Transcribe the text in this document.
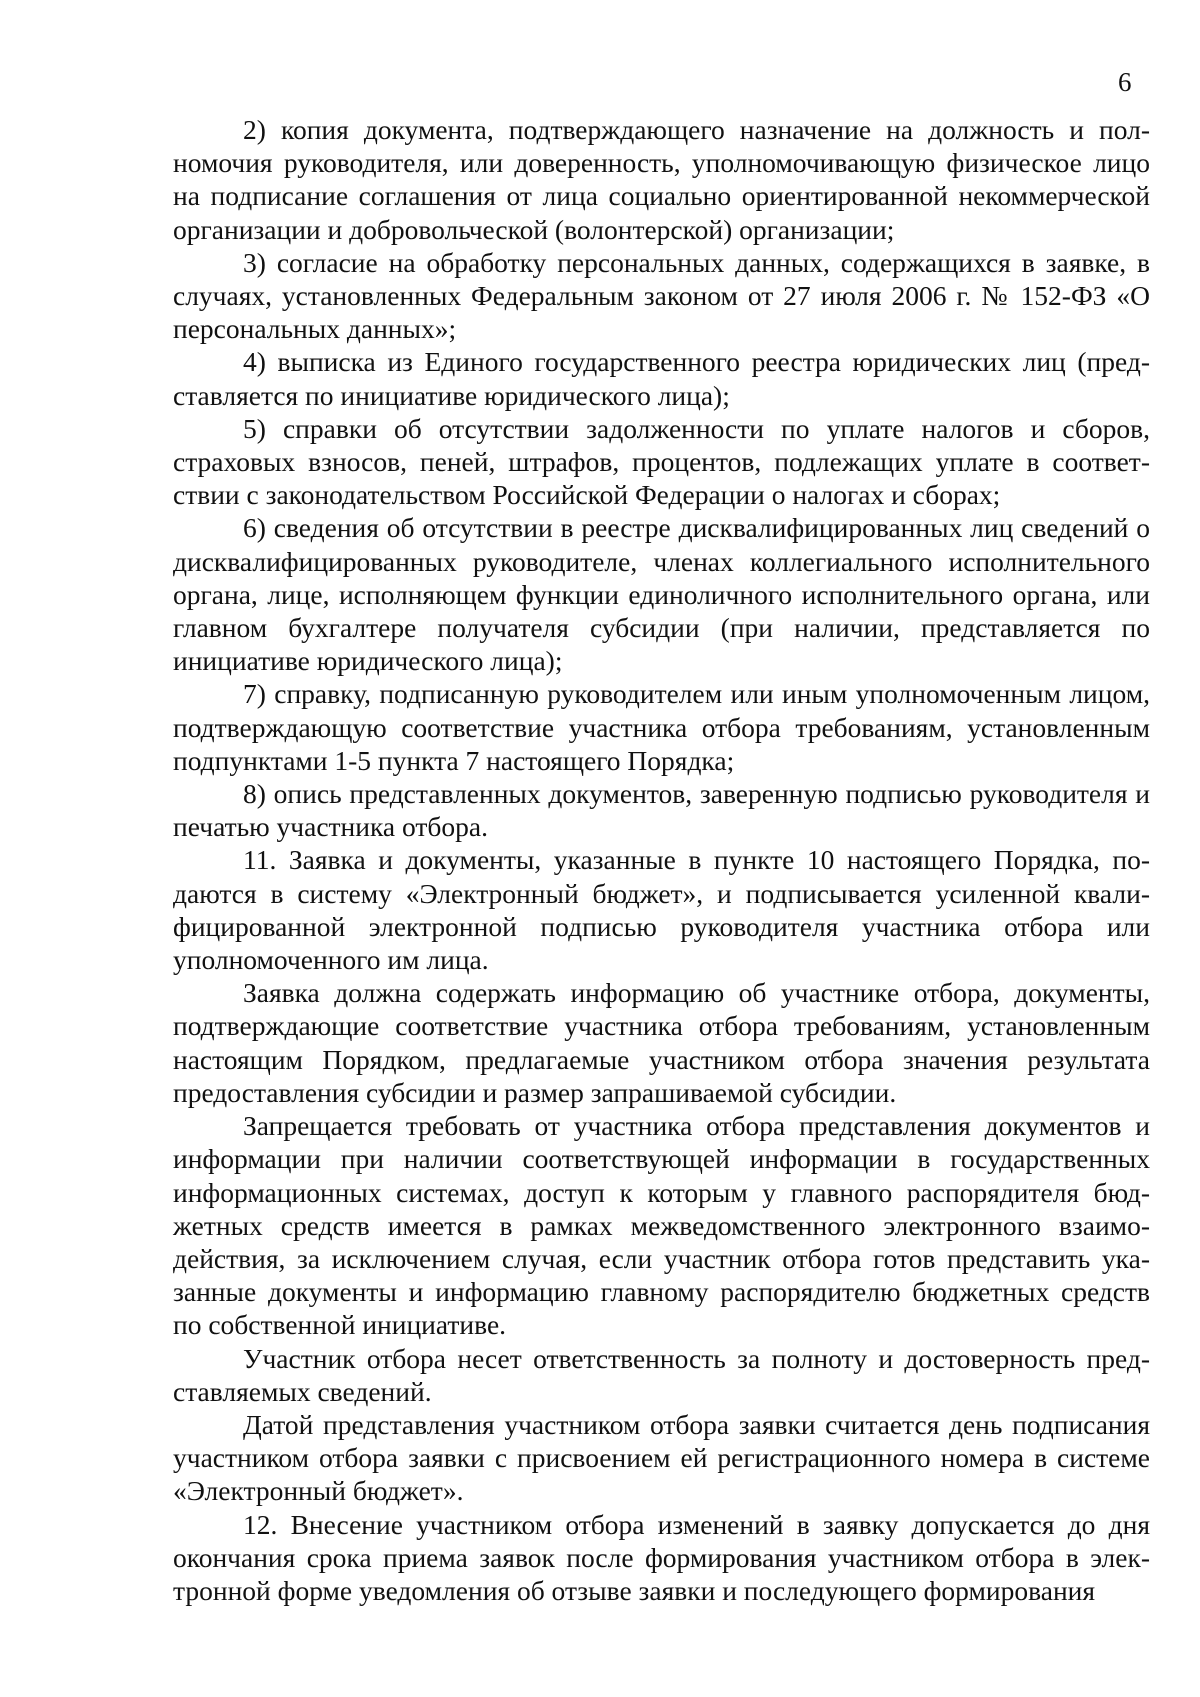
6

2) копия документа, подтверждающего назначение на должность и полномочия руководителя, или доверенность, уполномочивающую физическое лицо на подписание соглашения от лица социально ориентированной некоммерческой организации и добровольческой (волонтерской) организации;

3) согласие на обработку персональных данных, содержащихся в заявке, в случаях, установленных Федеральным законом от 27 июля 2006 г. № 152-ФЗ «О персональных данных»;

4) выписка из Единого государственного реестра юридических лиц (представляется по инициативе юридического лица);

5) справки об отсутствии задолженности по уплате налогов и сборов, страховых взносов, пеней, штрафов, процентов, подлежащих уплате в соответствии с законодательством Российской Федерации о налогах и сборах;

6) сведения об отсутствии в реестре дисквалифицированных лиц сведений о дисквалифицированных руководителе, членах коллегиального исполнительного органа, лице, исполняющем функции единоличного исполнительного органа, или главном бухгалтере получателя субсидии (при наличии, представляется по инициативе юридического лица);

7) справку, подписанную руководителем или иным уполномоченным лицом, подтверждающую соответствие участника отбора требованиям, установленным подпунктами 1-5 пункта 7 настоящего Порядка;

8) опись представленных документов, заверенную подписью руководителя и печатью участника отбора.

11. Заявка и документы, указанные в пункте 10 настоящего Порядка, подаются в систему «Электронный бюджет», и подписывается усиленной квалифицированной электронной подписью руководителя участника отбора или уполномоченного им лица.

Заявка должна содержать информацию об участнике отбора, документы, подтверждающие соответствие участника отбора требованиям, установленным настоящим Порядком, предлагаемые участником отбора значения результата предоставления субсидии и размер запрашиваемой субсидии.

Запрещается требовать от участника отбора представления документов и информации при наличии соответствующей информации в государственных информационных системах, доступ к которым у главного распорядителя бюджетных средств имеется в рамках межведомственного электронного взаимодействия, за исключением случая, если участник отбора готов представить указанные документы и информацию главному распорядителю бюджетных средств по собственной инициативе.

Участник отбора несет ответственность за полноту и достоверность представляемых сведений.

Датой представления участником отбора заявки считается день подписания участником отбора заявки с присвоением ей регистрационного номера в системе «Электронный бюджет».

12. Внесение участником отбора изменений в заявку допускается до дня окончания срока приема заявок после формирования участником отбора в электронной форме уведомления об отзыве заявки и последующего формирования
